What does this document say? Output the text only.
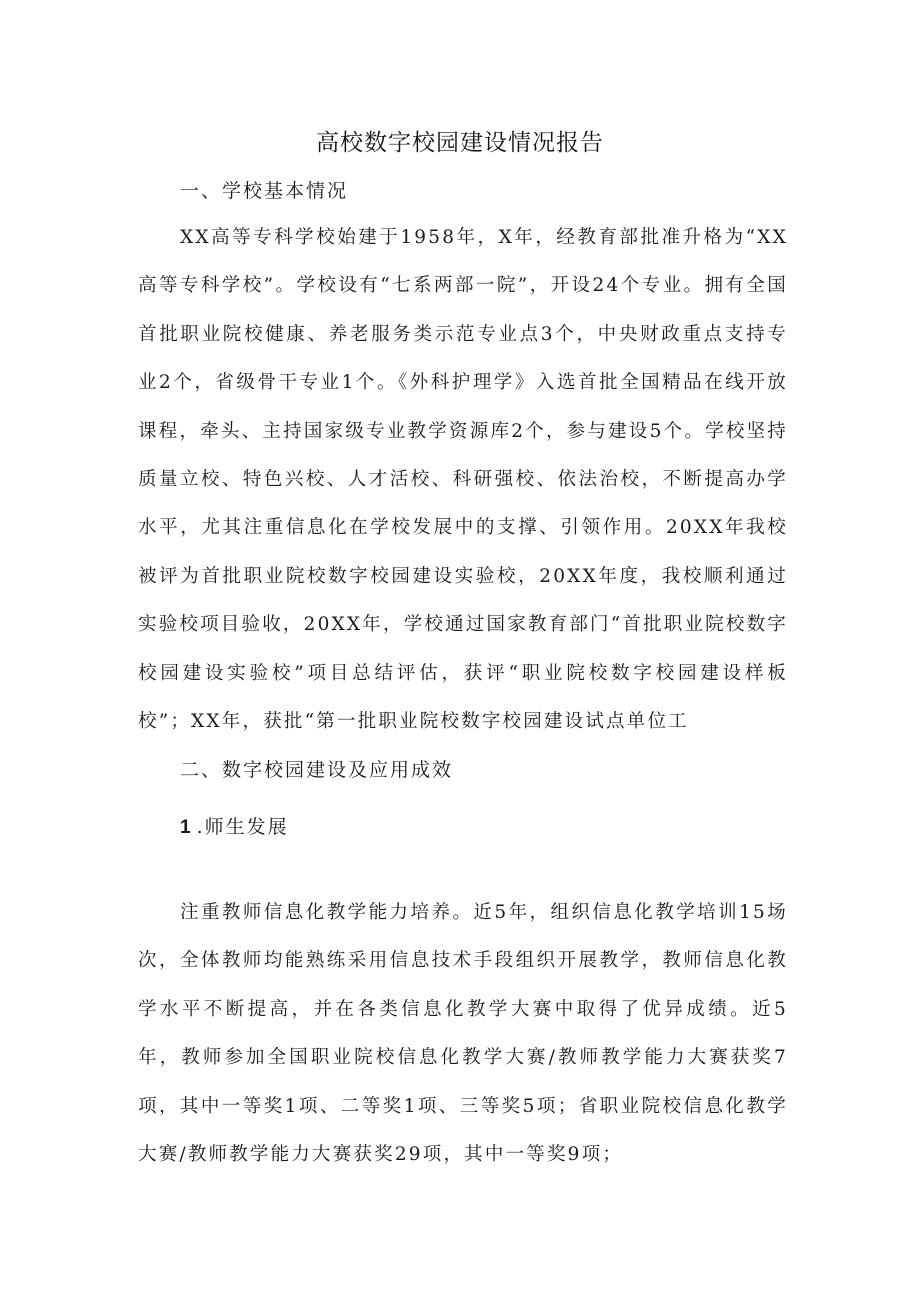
高校数字校园建设情况报告
一、学校基本情况

XX高等专科学校始建于1958年，X年，经教育部批准升格为“XX高等专科学校”。学校设有“七系两部一院”，开设24个专业。拥有全国首批职业院校健康、养老服务类示范专业点3个，中央财政重点支持专业2个，省级骨干专业1个。《外科护理学》入选首批全国精品在线开放课程，牵头、主持国家级专业教学资源库2个，参与建设5个。学校坚持质量立校、特色兴校、人才活校、科研强校、依法治校，不断提高办学水平，尤其注重信息化在学校发展中的支撑、引领作用。20XX年我校被评为首批职业院校数字校园建设实验校，20XX年度，我校顺利通过实验校项目验收，20XX年，学校通过国家教育部门“首批职业院校数字校园建设实验校”项目总结评估，获评“职业院校数字校园建设样板校”；XX年，获批“第一批职业院校数字校园建设试点单位工

二、数字校园建设及应用成效
1 .师生发展

注重教师信息化教学能力培养。近5年，组织信息化教学培训15场次，全体教师均能熟练采用信息技术手段组织开展教学，教师信息化教学水平不断提高，并在各类信息化教学大赛中取得了优异成绩。近5年，教师参加全国职业院校信息化教学大赛/教师教学能力大赛获奖7项，其中一等奖1项、二等奖1项、三等奖5项；省职业院校信息化教学大赛/教师教学能力大赛获奖29项，其中一等奖9项；
